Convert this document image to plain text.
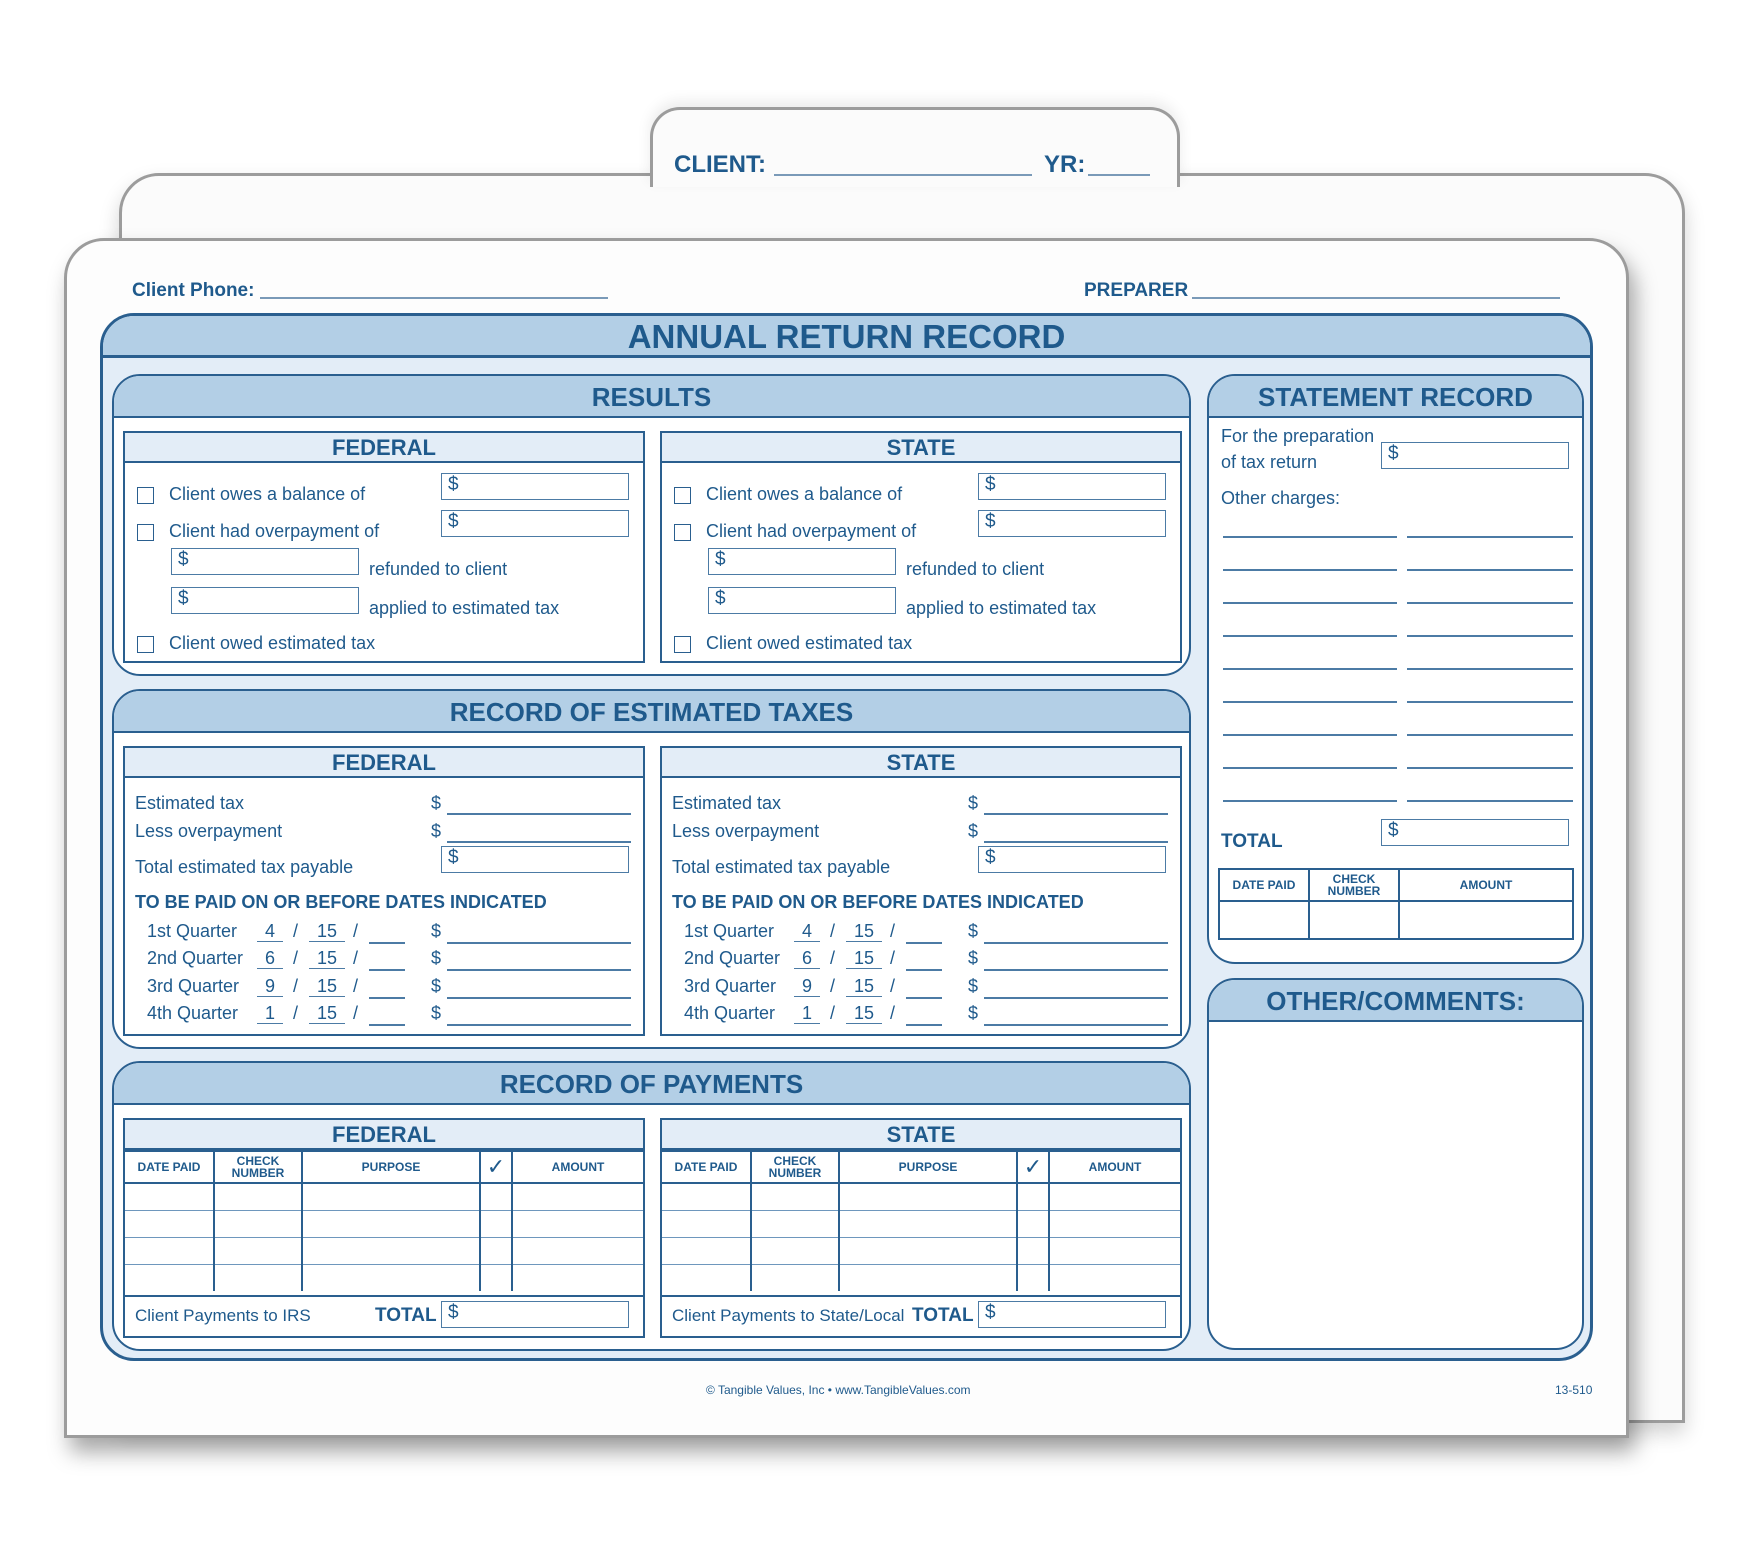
CLIENT:	YR:
Client Phone:	PREPARER
ANNUAL RETURN RECORD
RESULTS
FEDERAL
Client owes a balance of	$
Client had overpayment of	$
$	refunded to client
$	applied to estimated tax
Client owed estimated tax
STATE
Client owes a balance of	$
Client had overpayment of	$
$	refunded to client
$	applied to estimated tax
Client owed estimated tax
RECORD OF ESTIMATED TAXES
FEDERAL
Estimated tax	$
Less overpayment	$
Total estimated tax payable	$
TO BE PAID ON OR BEFORE DATES INDICATED
1st Quarter	4	/	15 /	$
2nd Quarter	6	/	15 /	$
3rd Quarter	9	/	15 /	$
4th Quarter	1	/	15 /	$
STATE
Estimated tax	$
Less overpayment	$
Total estimated tax payable	$
TO BE PAID ON OR BEFORE DATES INDICATED
1st Quarter	4	/	15 /	$
2nd Quarter	6	/	15 /	$
3rd Quarter	9	/	15 /	$
4th Quarter	1	/	15 /	$
RECORD OF PAYMENTS
FEDERAL
DATE PAID	CHECK NUMBER	PURPOSE	✓	AMOUNT

Client Payments to IRS	TOTAL $
STATE
DATE PAID	CHECK NUMBER	PURPOSE	✓	AMOUNT

Client Payments to State/Local TOTAL $
STATEMENT RECORD
For the preparation
of tax return	$
Other charges:
TOTAL
$
DATE PAID	CHECK NUMBER	AMOUNT

OTHER/COMMENTS:
© Tangible Values, Inc • www.TangibleValues.com	13-510
